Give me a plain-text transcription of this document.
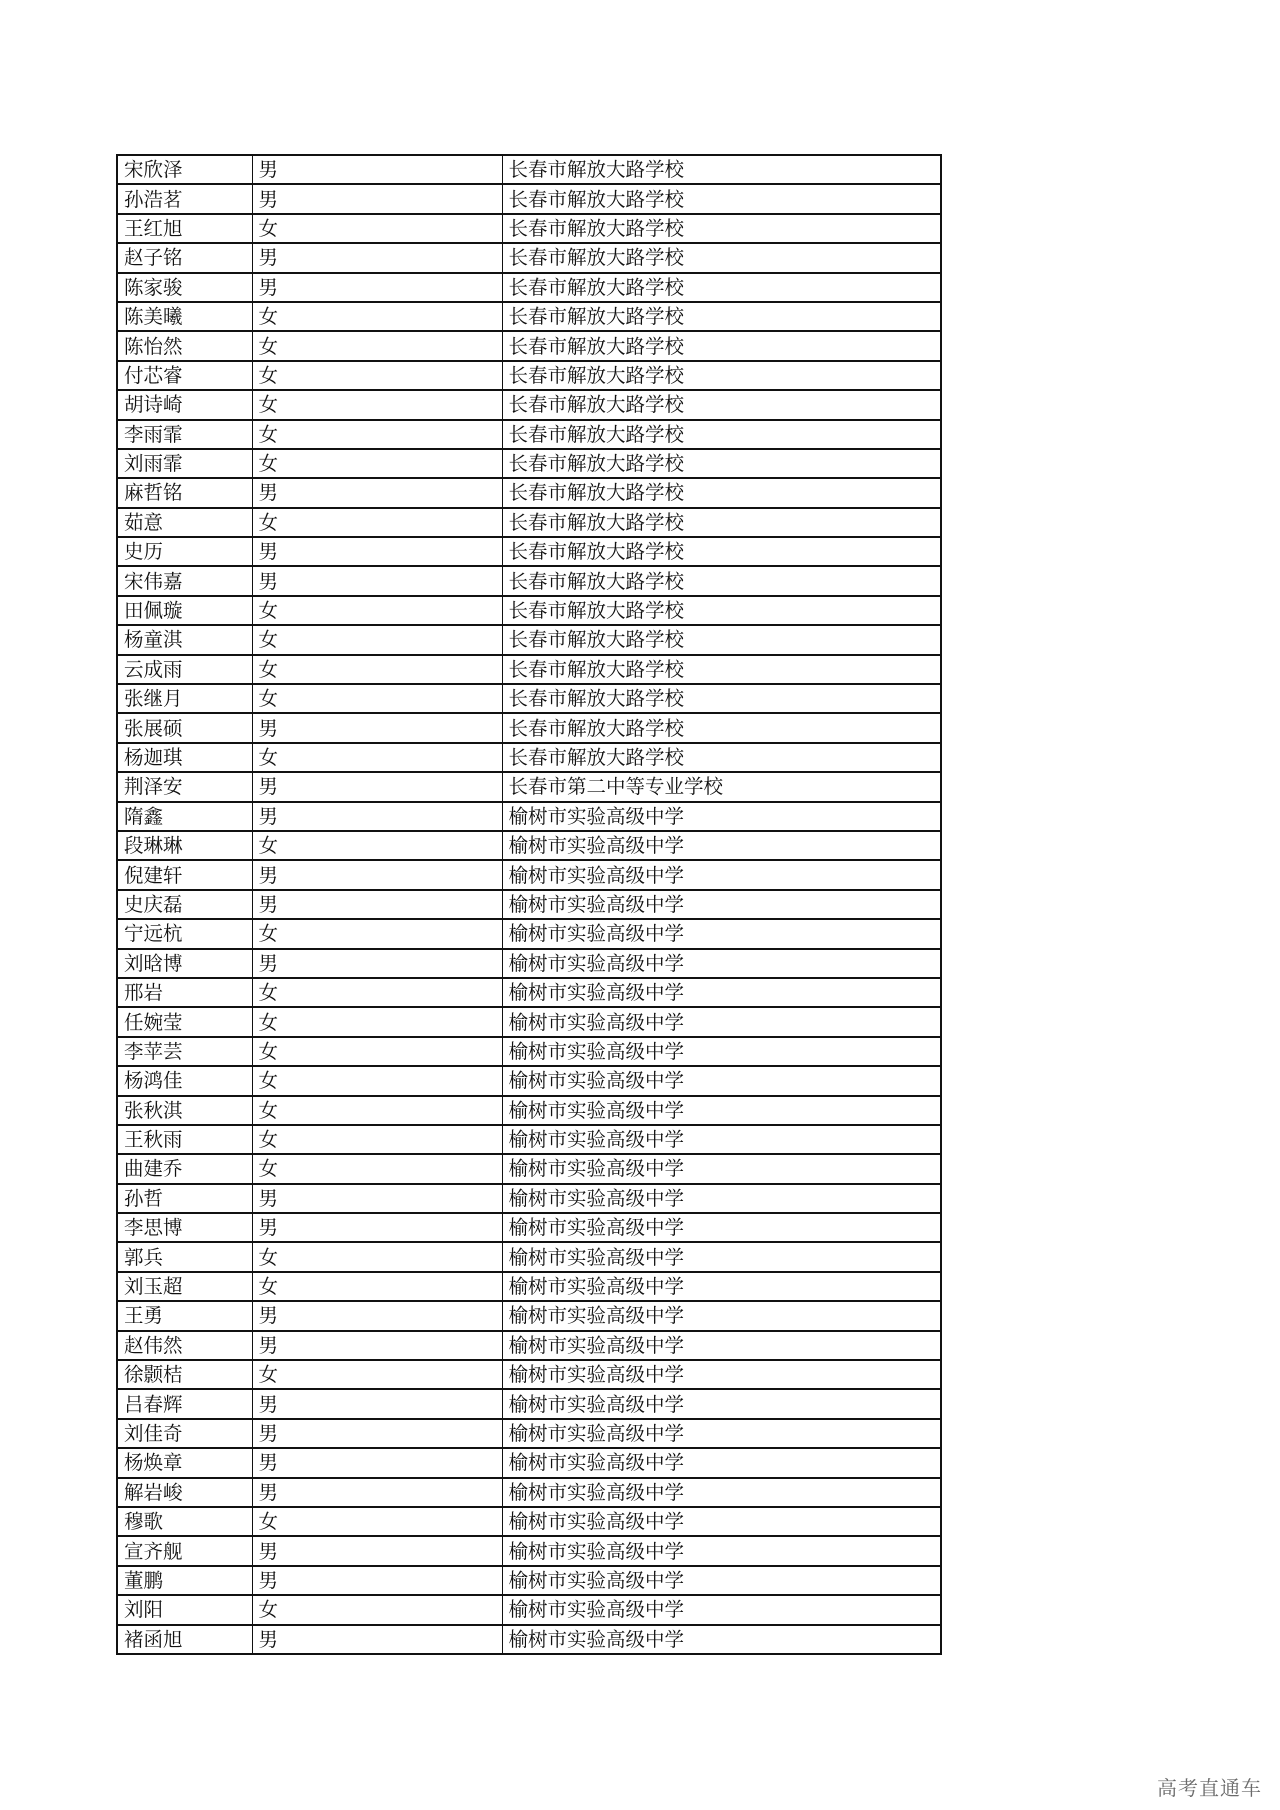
宋欣泽	男	长春市解放大路学校
孙浩茗	男	长春市解放大路学校
王红旭	女	长春市解放大路学校
赵子铭	男	长春市解放大路学校
陈家骏	男	长春市解放大路学校
陈美曦	女	长春市解放大路学校
陈怡然	女	长春市解放大路学校
付芯睿	女	长春市解放大路学校
胡诗崎	女	长春市解放大路学校
李雨霏	女	长春市解放大路学校
刘雨霏	女	长春市解放大路学校
麻哲铭	男	长春市解放大路学校
茹意	女	长春市解放大路学校
史历	男	长春市解放大路学校
宋伟嘉	男	长春市解放大路学校
田佩璇	女	长春市解放大路学校
杨童淇	女	长春市解放大路学校
云成雨	女	长春市解放大路学校
张继月	女	长春市解放大路学校
张展硕	男	长春市解放大路学校
杨迦琪	女	长春市解放大路学校
荆泽安	男	长春市第二中等专业学校
隋鑫	男	榆树市实验高级中学
段琳琳	女	榆树市实验高级中学
倪建轩	男	榆树市实验高级中学
史庆磊	男	榆树市实验高级中学
宁远杭	女	榆树市实验高级中学
刘晗博	男	榆树市实验高级中学
邢岩	女	榆树市实验高级中学
任婉莹	女	榆树市实验高级中学
李苹芸	女	榆树市实验高级中学
杨鸿佳	女	榆树市实验高级中学
张秋淇	女	榆树市实验高级中学
王秋雨	女	榆树市实验高级中学
曲建乔	女	榆树市实验高级中学
孙哲	男	榆树市实验高级中学
李思博	男	榆树市实验高级中学
郭兵	女	榆树市实验高级中学
刘玉超	女	榆树市实验高级中学
王勇	男	榆树市实验高级中学
赵伟然	男	榆树市实验高级中学
徐颢桔	女	榆树市实验高级中学
吕春辉	男	榆树市实验高级中学
刘佳奇	男	榆树市实验高级中学
杨焕章	男	榆树市实验高级中学
解岩峻	男	榆树市实验高级中学
穆歌	女	榆树市实验高级中学
宣齐舰	男	榆树市实验高级中学
董鹏	男	榆树市实验高级中学
刘阳	女	榆树市实验高级中学
褚函旭	男	榆树市实验高级中学
高考直通车
